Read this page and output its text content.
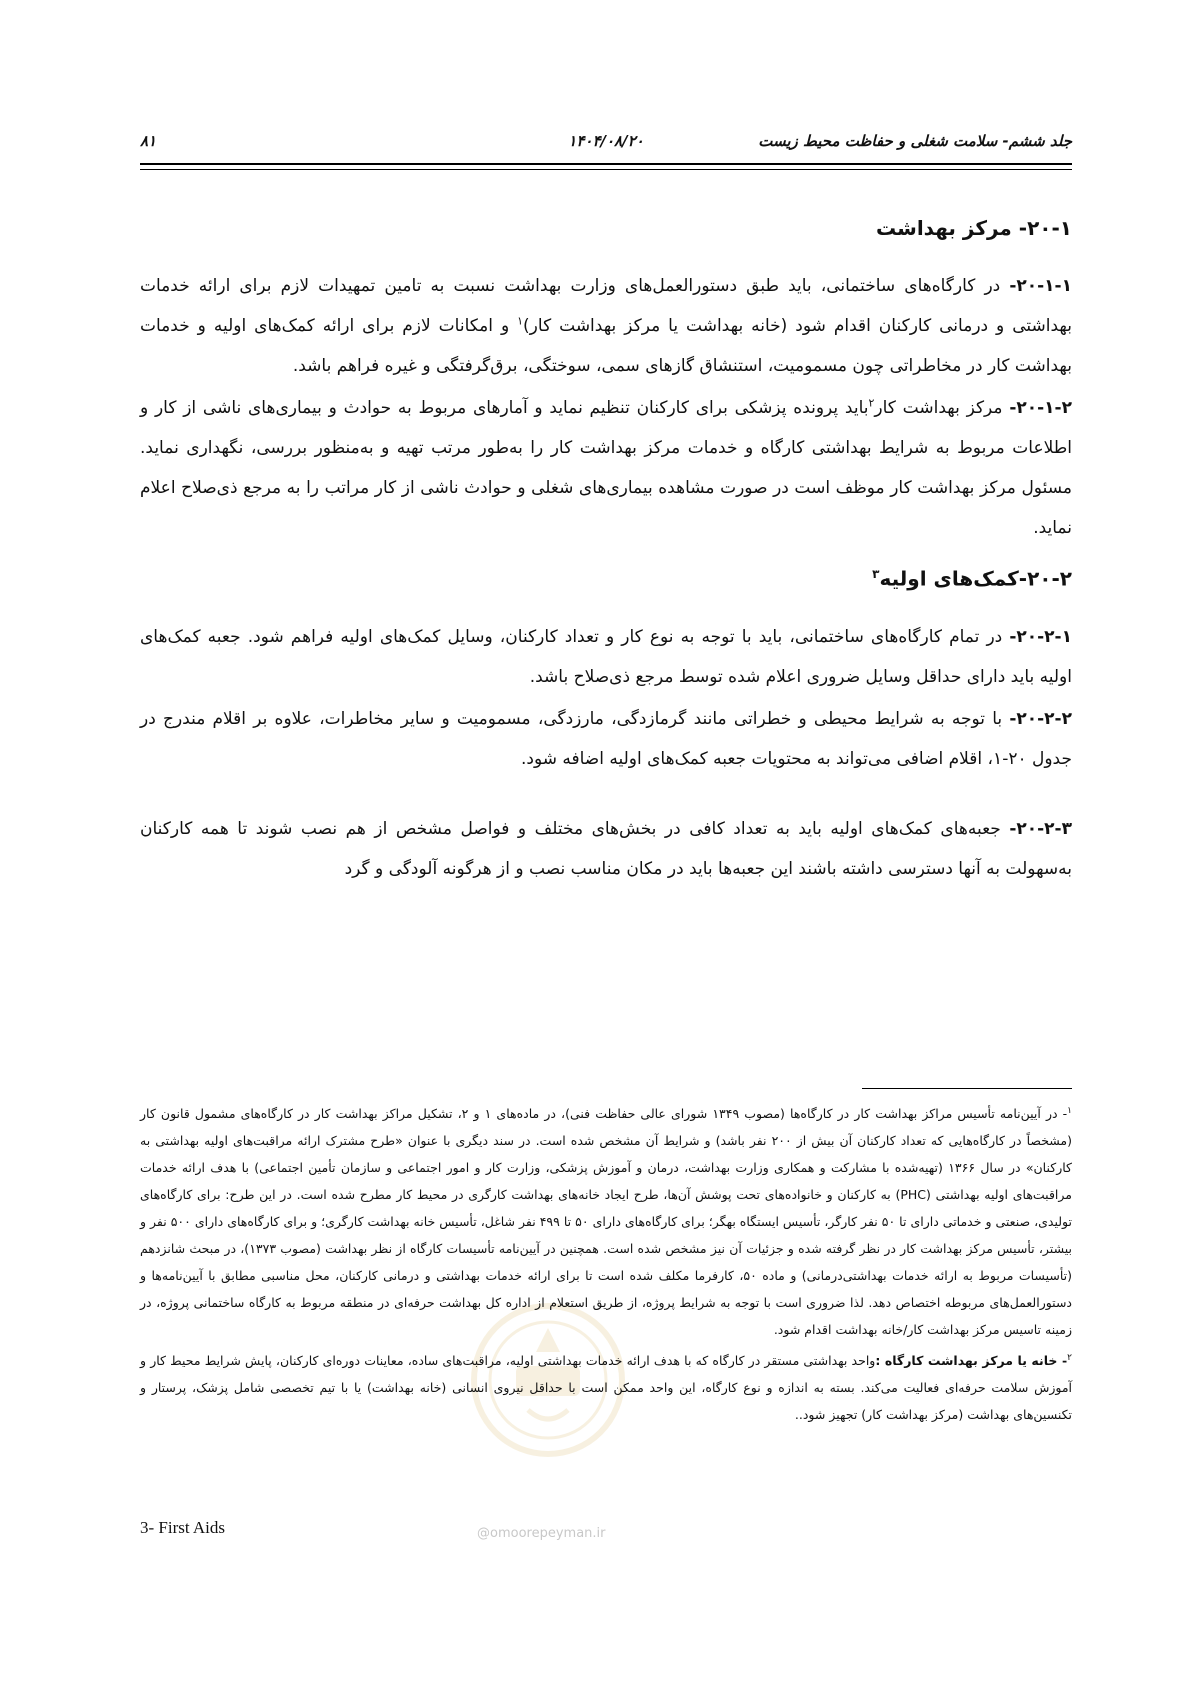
جلد ششم- سلامت شغلی و حفاظت محیط زیست
۱۴۰۴/۰۸/۲۰
۸۱
۲۰-۱- مرکز بهداشت
۲۰-۱-۱- در کارگاه‌های ساختمانی، باید طبق دستورالعمل‌های وزارت بهداشت نسبت به تامین تمهیدات لازم برای ارائه خدمات بهداشتی و درمانی کارکنان اقدام شود (خانه بهداشت یا مرکز بهداشت کار)$^۱$ و امکانات لازم برای ارائه کمک‌های اولیه و خدمات بهداشت کار در مخاطراتی چون مسمومیت، استنشاق گازهای سمی، سوختگی، برق‌گرفتگی و غیره فراهم باشد.
۲۰-۱-۲- مرکز بهداشت کار$^۲$باید پرونده پزشکی برای کارکنان تنظیم نماید و آمارهای مربوط به حوادث و بیماری‌های ناشی از کار و اطلاعات مربوط به شرایط بهداشتی کارگاه و خدمات مرکز بهداشت کار را به‌طور مرتب تهیه و به‌منظور بررسی، نگهداری نماید. مسئول مرکز بهداشت کار موظف است در صورت مشاهده بیماری‌های شغلی و حوادث ناشی از کار مراتب را به مرجع ذی‌صلاح اعلام نماید.
۲۰-۲-کمک‌های اولیه$^۳$
۲۰-۲-۱- در تمام کارگاه‌های ساختمانی، باید با توجه به نوع کار و تعداد کارکنان، وسایل کمک‌های اولیه فراهم شود. جعبه کمک‌های اولیه باید دارای حداقل وسایل ضروری اعلام شده توسط مرجع ذی‌صلاح باشد.
۲۰-۲-۲- با توجه به شرایط محیطی و خطراتی مانند گرمازدگی، مارزدگی، مسمومیت و سایر مخاطرات، علاوه بر اقلام مندرج در جدول ۲۰-۱، اقلام اضافی می‌تواند به محتویات جعبه کمک‌های اولیه اضافه شود.
۲۰-۲-۳- جعبه‌های کمک‌های اولیه باید به تعداد کافی در بخش‌های مختلف و فواصل مشخص از هم نصب شوند تا همه کارکنان به‌سهولت به آنها دسترسی داشته باشند این جعبه‌ها باید در مکان مناسب نصب و از هرگونه آلودگی و گرد
$^۱$- در آیین‌نامه تأسیس مراکز بهداشت کار در کارگاه‌ها (مصوب ۱۳۴۹ شورای عالی حفاظت فنی)، در ماده‌های ۱ و ۲، تشکیل مراکز بهداشت کار در کارگاه‌های مشمول قانون کار (مشخصاً در کارگاه‌هایی که تعداد کارکنان آن بیش از ۲۰۰ نفر باشد) و شرایط آن مشخص شده است. در سند دیگری با عنوان «طرح مشترک ارائه مراقبت‌های اولیه بهداشتی به کارکنان» در سال ۱۳۶۶ (تهیه‌شده با مشارکت و همکاری وزارت بهداشت، درمان و آموزش پزشکی، وزارت کار و امور اجتماعی و سازمان تأمین اجتماعی) با هدف ارائه خدمات مراقبت‌های اولیه بهداشتی (PHC) به کارکنان و خانواده‌های تحت پوشش آن‌ها، طرح ایجاد خانه‌های بهداشت کارگری در محیط کار مطرح شده است. در این طرح: برای کارگاه‌های تولیدی، صنعتی و خدماتی دارای تا ۵۰ نفر کارگر، تأسیس ایستگاه بهگر؛ برای کارگاه‌های دارای ۵۰ تا ۴۹۹ نفر شاغل، تأسیس خانه بهداشت کارگری؛ و برای کارگاه‌های دارای ۵۰۰ نفر و بیشتر، تأسیس مرکز بهداشت کار در نظر گرفته شده و جزئیات آن نیز مشخص شده است. همچنین در آیین‌نامه تأسیسات کارگاه از نظر بهداشت (مصوب ۱۳۷۳)، در مبحث شانزدهم (تأسیسات مربوط به ارائه خدمات بهداشتی‌درمانی) و ماده ۵۰، کارفرما مکلف شده است تا برای ارائه خدمات بهداشتی و درمانی کارکنان، محل مناسبی مطابق با آیین‌نامه‌ها و دستورالعمل‌های مربوطه اختصاص دهد. لذا ضروری است با توجه به شرایط پروژه، از طریق استعلام از اداره کل بهداشت حرفه‌ای در منطقه مربوط به کارگاه ساختمانی پروژه، در زمینه تاسیس مرکز بهداشت کار/خانه بهداشت اقدام شود.
$^۲$- خانه یا مرکز بهداشت کارگاه :واحد بهداشتی مستقر در کارگاه که با هدف ارائه خدمات بهداشتی اولیه، مراقبت‌های ساده، معاینات دوره‌ای کارکنان، پایش شرایط محیط کار و آموزش سلامت حرفه‌ای فعالیت می‌کند. بسته به اندازه و نوع کارگاه، این واحد ممکن است با حداقل نیروی انسانی (خانه بهداشت) یا با تیم تخصصی شامل پزشک، پرستار و تکنسین‌های بهداشت (مرکز بهداشت کار) تجهیز شود..
3- First Aids	@omoorepeyman.ir
